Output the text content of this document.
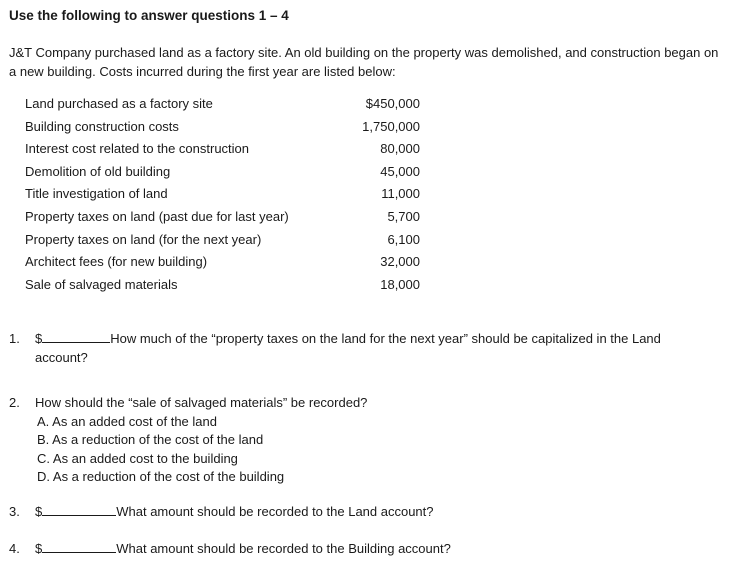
Use the following to answer questions 1 – 4
J&T Company purchased land as a factory site. An old building on the property was demolished, and construction began on a new building. Costs incurred during the first year are listed below:
Land purchased as a factory site	$450,000
Building construction costs	1,750,000
Interest cost related to the construction	80,000
Demolition of old building	45,000
Title investigation of land	11,000
Property taxes on land (past due for last year)	5,700
Property taxes on land (for the next year)	6,100
Architect fees (for new building)	32,000
Sale of salvaged materials	18,000
1. $	How much of the “property taxes on the land for the next year” should be capitalized in the Land
account?
2. How should the “sale of salvaged materials” be recorded?
A. As an added cost of the land
B. As a reduction of the cost of the land
C. As an added cost to the building
D. As a reduction of the cost of the building
3. $	What amount should be recorded to the Land account?
4. $	What amount should be recorded to the Building account?
